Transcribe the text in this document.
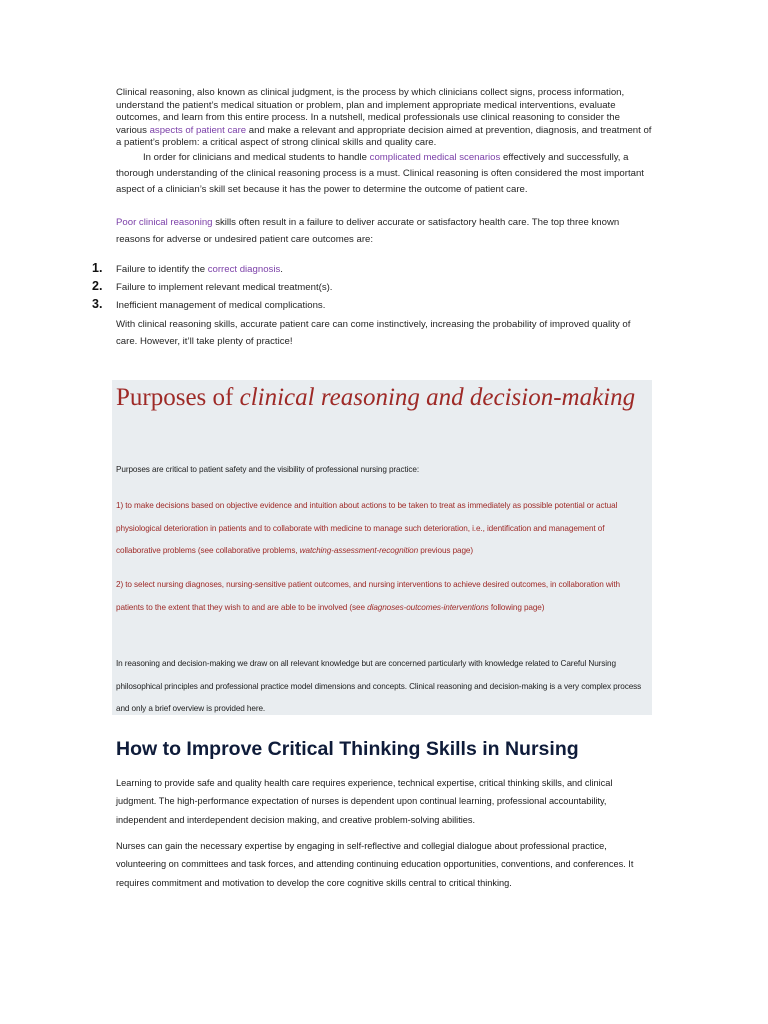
Clinical reasoning, also known as clinical judgment, is the process by which clinicians collect signs, process information, understand the patient’s medical situation or problem, plan and implement appropriate medical interventions, evaluate outcomes, and learn from this entire process. In a nutshell, medical professionals use clinical reasoning to consider the various aspects of patient care and make a relevant and appropriate decision aimed at prevention, diagnosis, and treatment of a patient’s problem: a critical aspect of strong clinical skills and quality care.

In order for clinicians and medical students to handle complicated medical scenarios effectively and successfully, a thorough understanding of the clinical reasoning process is a must. Clinical reasoning is often considered the most important aspect of a clinician’s skill set because it has the power to determine the outcome of patient care.

Poor clinical reasoning skills often result in a failure to deliver accurate or satisfactory health care. The top three known reasons for adverse or undesired patient care outcomes are:

1. Failure to identify the correct diagnosis.
2. Failure to implement relevant medical treatment(s).
3. Inefficient management of medical complications.

With clinical reasoning skills, accurate patient care can come instinctively, increasing the probability of improved quality of care. However, it’ll take plenty of practice!

Purposes of clinical reasoning and decision-making

Purposes are critical to patient safety and the visibility of professional nursing practice:

1) to make decisions based on objective evidence and intuition about actions to be taken to treat as immediately as possible potential or actual physiological deterioration in patients and to collaborate with medicine to manage such deterioration, i.e., identification and management of collaborative problems (see collaborative problems, watching-assessment-recognition previous page)

2) to select nursing diagnoses, nursing-sensitive patient outcomes, and nursing interventions to achieve desired outcomes, in collaboration with patients to the extent that they wish to and are able to be involved (see diagnoses-outcomes-interventions following page)

In reasoning and decision-making we draw on all relevant knowledge but are concerned particularly with knowledge related to Careful Nursing philosophical principles and professional practice model dimensions and concepts. Clinical reasoning and decision-making is a very complex process and only a brief overview is provided here.

How to Improve Critical Thinking Skills in Nursing

Learning to provide safe and quality health care requires experience, technical expertise, critical thinking skills, and clinical judgment. The high-performance expectation of nurses is dependent upon continual learning, professional accountability, independent and interdependent decision making, and creative problem-solving abilities.

Nurses can gain the necessary expertise by engaging in self-reflective and collegial dialogue about professional practice, volunteering on committees and task forces, and attending continuing education opportunities, conventions, and conferences. It requires commitment and motivation to develop the core cognitive skills central to critical thinking.
